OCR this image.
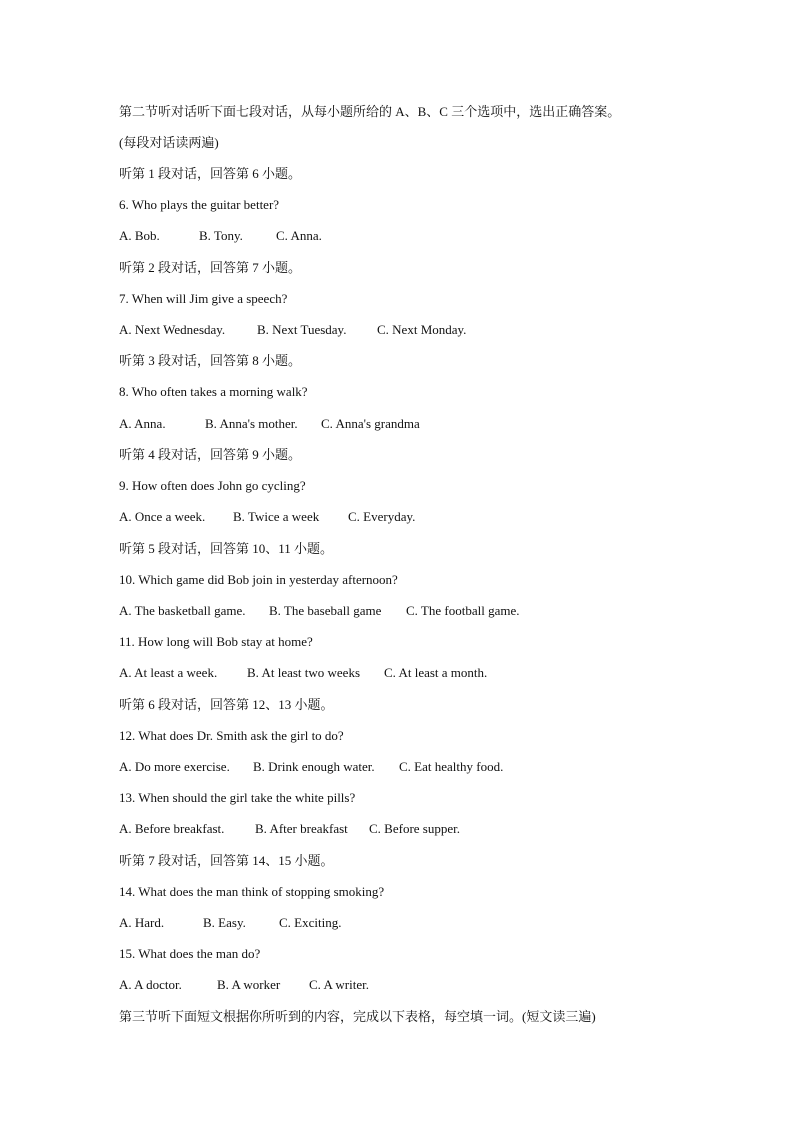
第二节听对话听下面七段对话，从每小题所给的 A、B、C 三个选项中，选出正确答案。
(每段对话读两遍)
听第 1 段对话，回答第 6 小题。
6. Who plays the guitar better?
A. Bob.	B. Tony.	C. Anna.
听第 2 段对话，回答第 7 小题。
7. When will Jim give a speech?
A. Next Wednesday. B. Next Tuesday. C. Next Monday.
听第 3 段对话，回答第 8 小题。
8. Who often takes a morning walk?
A. Anna.	B. Anna's mother. C. Anna's grandma
听第 4 段对话，回答第 9 小题。
9. How often does John go cycling?
A. Once a week. B. Twice a week C. Everyday.
听第 5 段对话，回答第 10、11 小题。
10. Which game did Bob join in yesterday afternoon?
A. The basketball game. B. The baseball game C. The football game.
11. How long will Bob stay at home?
A. At least a week. B. At least two weeks C. At least a month.
听第 6 段对话，回答第 12、13 小题。
12. What does Dr. Smith ask the girl to do?
A. Do more exercise. B. Drink enough water. C. Eat healthy food.
13. When should the girl take the white pills?
A. Before breakfast. B. After breakfast C. Before supper.
听第 7 段对话，回答第 14、15 小题。
14. What does the man think of stopping smoking?
A. Hard.	B. Easy.	C. Exciting.
15. What does the man do?
A. A doctor.	B. A worker C. A writer.
第三节听下面短文根据你所听到的内容，完成以下表格，每空填一词。(短文读三遍)
